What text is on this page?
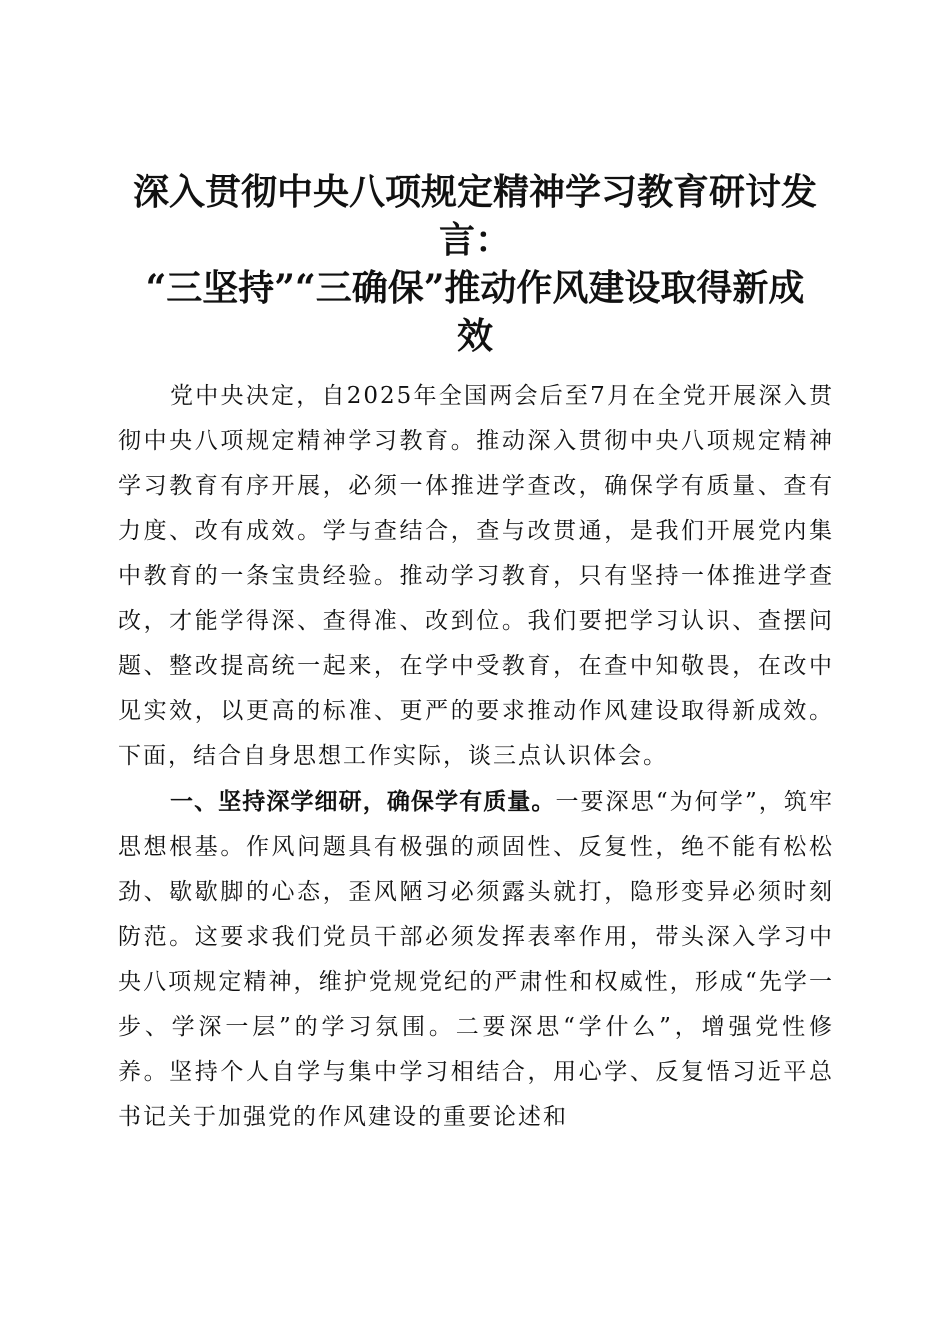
深入贯彻中央八项规定精神学习教育研讨发言：
“三坚持”“三确保”推动作风建设取得新成
效

党中央决定，自2025年全国两会后至7月在全党开展深入贯彻中央八项规定精神学习教育。推动深入贯彻中央八项规定精神学习教育有序开展，必须一体推进学查改，确保学有质量、查有力度、改有成效。学与查结合，查与改贯通，是我们开展党内集中教育的一条宝贵经验。推动学习教育，只有坚持一体推进学查改，才能学得深、查得准、改到位。我们要把学习认识、查摆问题、整改提高统一起来，在学中受教育，在查中知敬畏，在改中见实效，以更高的标准、更严的要求推动作风建设取得新成效。下面，结合自身思想工作实际，谈三点认识体会。

一、坚持深学细研，确保学有质量。一要深思“为何学”，筑牢思想根基。作风问题具有极强的顽固性、反复性，绝不能有松松劲、歇歇脚的心态，歪风陋习必须露头就打，隐形变异必须时刻防范。这要求我们党员干部必须发挥表率作用，带头深入学习中央八项规定精神，维护党规党纪的严肃性和权威性，形成“先学一步、学深一层”的学习氛围。二要深思“学什么”，增强党性修养。坚持个人自学与集中学习相结合，用心学、反复悟习近平总书记关于加强党的作风建设的重要论述和
